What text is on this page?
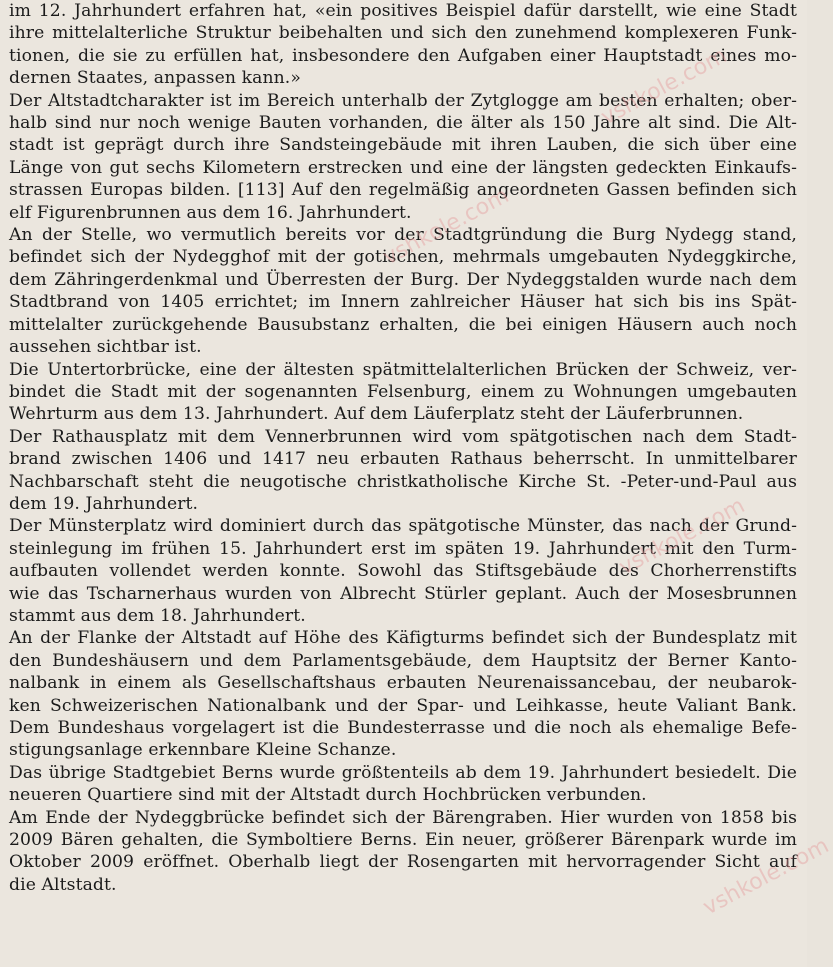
im 12. Jahrhundert erfahren hat, «ein positives Beispiel dafür darstellt, wie eine Stadt
ihre mittelalterliche Struktur beibehalten und sich den zunehmend komplexeren Funk-
tionen, die sie zu erfüllen hat, insbesondere den Aufgaben einer Hauptstadt eines mo-
dernen Staates, anpassen kann.»

Der Altstadtcharakter ist im Bereich unterhalb der Zytglogge am besten erhalten; ober-
halb sind nur noch wenige Bauten vorhanden, die älter als 150 Jahre alt sind. Die Alt-
stadt ist geprägt durch ihre Sandsteingebäude mit ihren Lauben, die sich über eine
Länge von gut sechs Kilometern erstrecken und eine der längsten gedeckten Einkaufs-
strassen Europas bilden. [113] Auf den regelmäßig angeordneten Gassen befinden sich
elf Figurenbrunnen aus dem 16. Jahrhundert.

An der Stelle, wo vermutlich bereits vor der Stadtgründung die Burg Nydegg stand,
befindet sich der Nydegghof mit der gotischen, mehrmals umgebauten Nydeggkirche,
dem Zähringerdenkmal und Überresten der Burg. Der Nydeggstalden wurde nach dem
Stadtbrand von 1405 errichtet; im Innern zahlreicher Häuser hat sich bis ins Spät-
mittelalter zurückgehende Bausubstanz erhalten, die bei einigen Häusern auch noch
aussehen sichtbar ist.

Die Untertorbrücke, eine der ältesten spätmittelalterlichen Brücken der Schweiz, ver-
bindet die Stadt mit der sogenannten Felsenburg, einem zu Wohnungen umgebauten
Wehrturm aus dem 13. Jahrhundert. Auf dem Läuferplatz steht der Läuferbrunnen.

Der Rathausplatz mit dem Vennerbrunnen wird vom spätgotischen nach dem Stadt-
brand zwischen 1406 und 1417 neu erbauten Rathaus beherrscht. In unmittelbarer
Nachbarschaft steht die neugotische christkatholische Kirche St. -Peter-und-Paul aus
dem 19. Jahrhundert.

Der Münsterplatz wird dominiert durch das spätgotische Münster, das nach der Grund-
steinlegung im frühen 15. Jahrhundert erst im späten 19. Jahrhundert mit den Turm-
aufbauten vollendet werden konnte. Sowohl das Stiftsgebäude des Chorherrenstifts
wie das Tscharnerhaus wurden von Albrecht Stürler geplant. Auch der Mosesbrunnen
stammt aus dem 18. Jahrhundert.

An der Flanke der Altstadt auf Höhe des Käfigturms befindet sich der Bundesplatz mit
den Bundeshäusern und dem Parlamentsgebäude, dem Hauptsitz der Berner Kanto-
nalbank in einem als Gesellschaftshaus erbauten Neurenaissancebau, der neubarok-
ken Schweizerischen Nationalbank und der Spar- und Leihkasse, heute Valiant Bank.
Dem Bundeshaus vorgelagert ist die Bundesterrasse und die noch als ehemalige Befe-
stigungsanlage erkennbare Kleine Schanze.

Das übrige Stadtgebiet Berns wurde größtenteils ab dem 19. Jahrhundert besiedelt. Die
neueren Quartiere sind mit der Altstadt durch Hochbrücken verbunden.

Am Ende der Nydeggbrücke befindet sich der Bärengraben. Hier wurden von 1858 bis
2009 Bären gehalten, die Symboltiere Berns. Ein neuer, größerer Bärenpark wurde im
Oktober 2009 eröffnet. Oberhalb liegt der Rosengarten mit hervorragender Sicht auf
die Altstadt.

vshkole.com
vshkole.com
vshkole.com
vshkole.com
